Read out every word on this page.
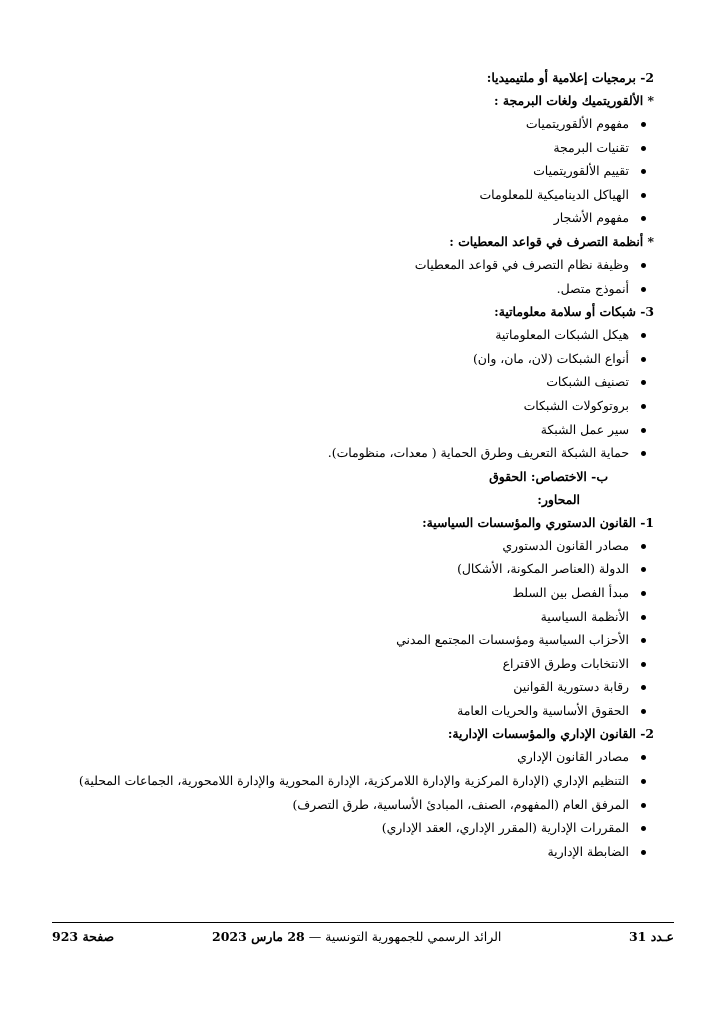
2- برمجيات إعلامية أو ملتيميديا:
* الألقوريتميك ولغات البرمجة :
مفهوم الألقوريتميات
تقنيات البرمجة
تقييم الألقوريتميات
الهياكل الديناميكية للمعلومات
مفهوم الأشجار
* أنظمة التصرف في قواعد المعطيات :
وظيفة نظام التصرف في قواعد المعطيات
أنموذج متصل.
3- شبكات أو سلامة معلوماتية:
هيكل الشبكات المعلوماتية
أنواع الشبكات (لان، مان، وان)
تصنيف الشبكات
بروتوكولات الشبكات
سير عمل الشبكة
حماية الشبكة التعريف وطرق الحماية ( معدات، منظومات).
ب- الاختصاص: الحقوق
المحاور:
1- القانون الدستوري والمؤسسات السياسية:
مصادر القانون الدستوري
الدولة (العناصر المكونة، الأشكال)
مبدأ الفصل بين السلط
الأنظمة السياسية
الأحزاب السياسية ومؤسسات المجتمع المدني
الانتخابات وطرق الاقتراع
رقابة دستورية القوانين
الحقوق الأساسية والحريات العامة
2- القانون الإداري والمؤسسات الإدارية:
مصادر القانون الإداري
التنظيم الإداري (الإدارة المركزية والإدارة اللامركزية، الإدارة المحورية والإدارة اللامحورية، الجماعات المحلية)
المرفق العام (المفهوم، الصنف، المبادئ الأساسية، طرق التصرف)
المقررات الإدارية (المقرر الإداري، العقد الإداري)
الضابطة الإدارية
عـدد 31
الرائد الرسمي للجمهورية التونسية — 28 مارس 2023
صفحة 923
